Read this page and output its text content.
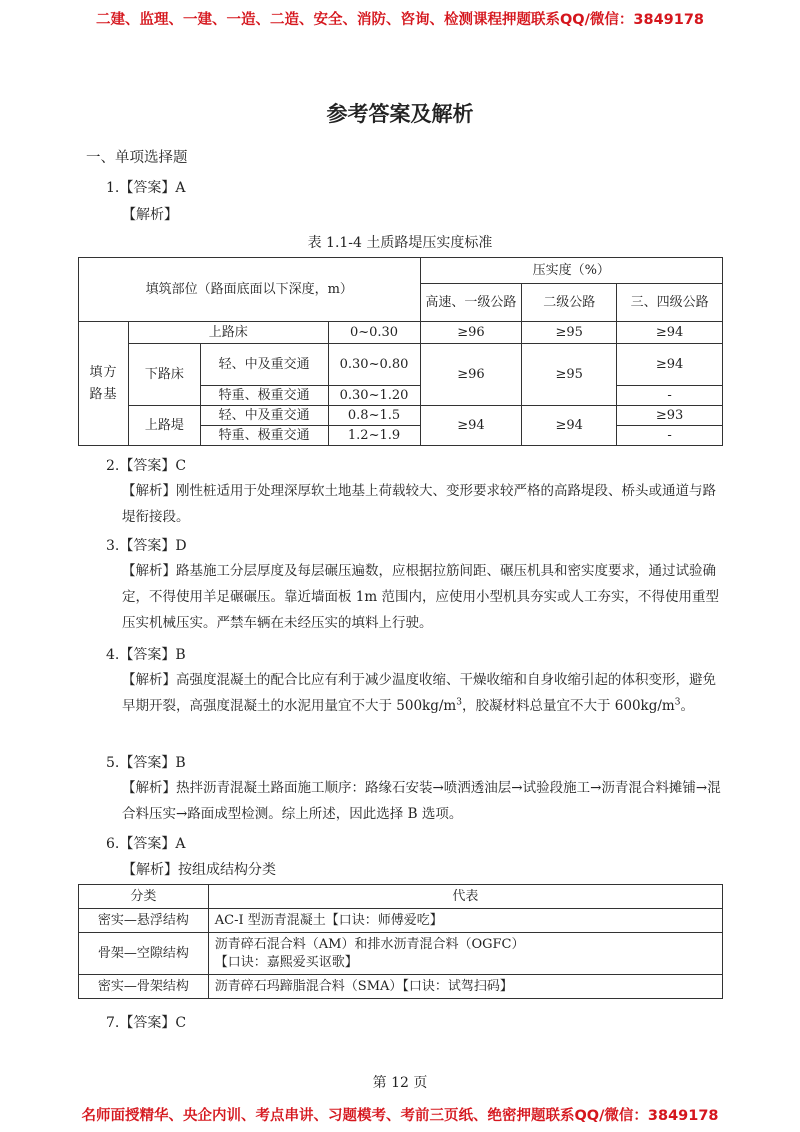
二建、监理、一建、一造、二造、安全、消防、咨询、检测课程押题联系QQ/微信：3849178
参考答案及解析
一、单项选择题
1.【答案】A
【解析】
表 1.1-4 土质路堤压实度标准
填筑部位（路面底面以下深度，m）				压实度（%）		
				高速、一级公路	二级公路	三、四级公路
填方路基	上路床		0~0.30	≥96	≥95	≥94
	下路床	轻、中及重交通	0.30~0.80	≥96	≥95	≥94
		特重、极重交通	0.30~1.20			-
	上路堤	轻、中及重交通	0.8~1.5	≥94	≥94	≥93
		特重、极重交通	1.2~1.9			-
2.【答案】C
【解析】刚性桩适用于处理深厚软土地基上荷载较大、变形要求较严格的高路堤段、桥头或通道与路堤衔接段。
3.【答案】D
【解析】路基施工分层厚度及每层碾压遍数，应根据拉筋间距、碾压机具和密实度要求，通过试验确定，不得使用羊足碾碾压。靠近墙面板 1m 范围内，应使用小型机具夯实或人工夯实，不得使用重型压实机械压实。严禁车辆在未经压实的填料上行驶。
4.【答案】B
【解析】高强度混凝土的配合比应有利于减少温度收缩、干燥收缩和自身收缩引起的体积变形，避免早期开裂，高强度混凝土的水泥用量宜不大于 $500kg/m^3$，胶凝材料总量宜不大于 $600kg/m^3$。
5.【答案】B
【解析】热拌沥青混凝土路面施工顺序：路缘石安装→喷洒透油层→试验段施工→沥青混合料摊铺→混合料压实→路面成型检测。综上所述，因此选择 B 选项。
6.【答案】A
【解析】按组成结构分类
分类	代表
密实—悬浮结构	AC-I 型沥青混凝土【口诀：师傅爱吃】
骨架—空隙结构	沥青碎石混合料（AM）和排水沥青混合料（OGFC）
【口诀：嘉熙爱买讴歌】

密实—骨架结构	沥青碎石玛蹄脂混合料（SMA）【口诀：试驾扫码】
7.【答案】C
第 12 页
名师面授精华、央企内训、考点串讲、习题模考、考前三页纸、绝密押题联系QQ/微信：3849178
